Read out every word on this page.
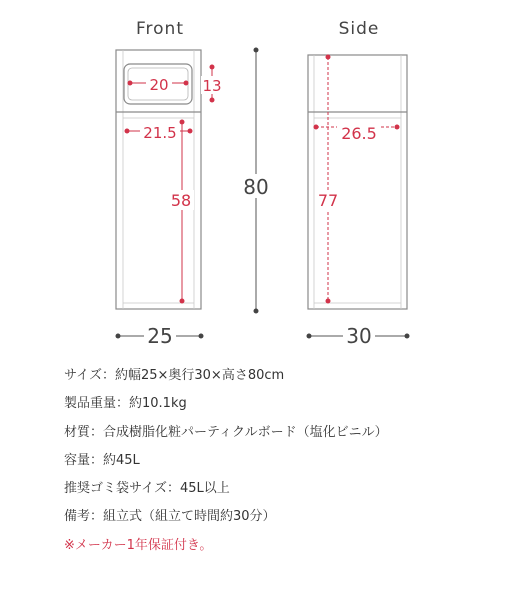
Front	Side
20 13
21.5
58
80
26.5
77
25	30
サイズ：約幅25×奥行30×高さ80cm
製品重量：約10.1kg
材質：合成樹脂化粧パーティクルボード（塩化ビニル）
容量：約45L
推奨ゴミ袋サイズ：45L以上
備考：組立式（組立て時間約30分）
※メーカー1年保証付き。
